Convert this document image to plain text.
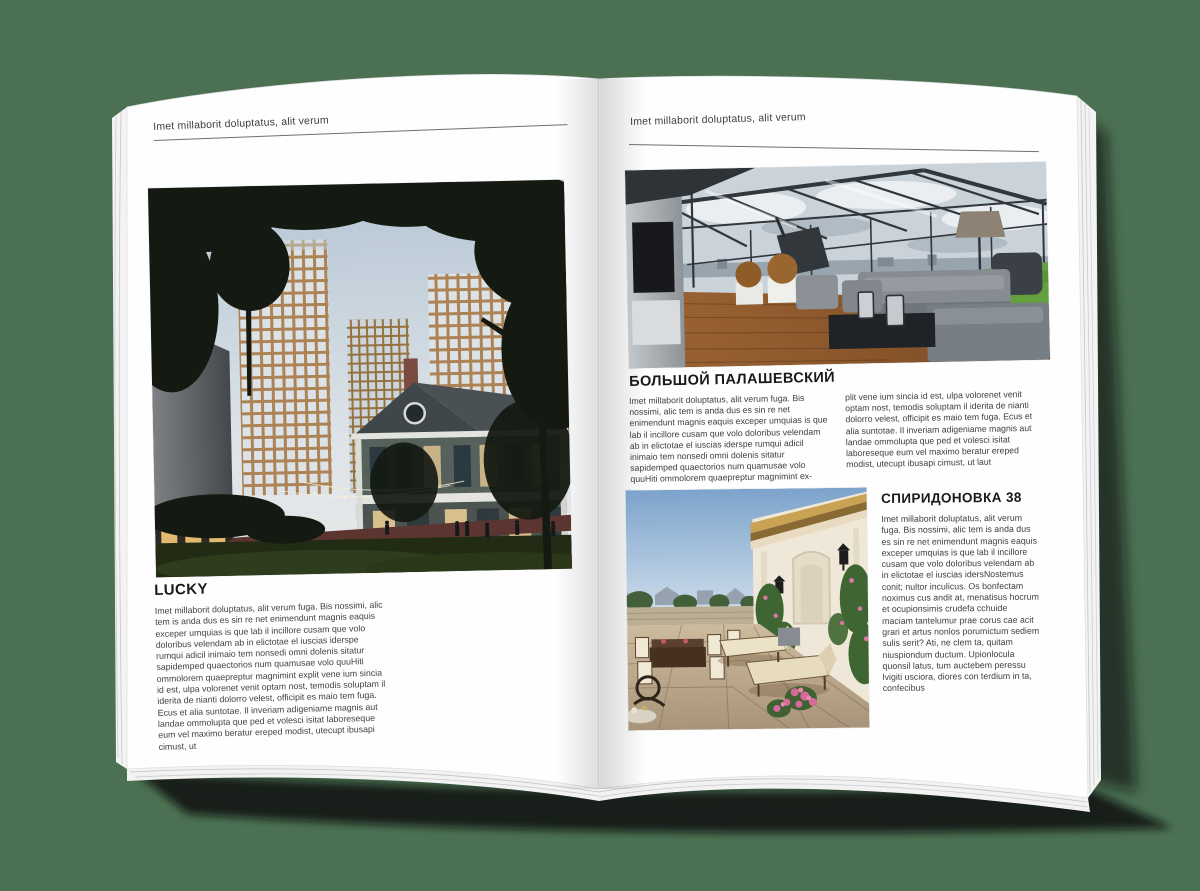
Imet millaborit doluptatus, alit verum	Imet millaborit doluptatus, alit verum
LUCKY
Imet millaborit doluptatus, alit verum fuga. Bis nossimi, alic tem is anda dus es sin re net enimendunt magnis eaquis exceper umquias is que lab il incillore cusam que volo doloribus velendam ab in elictotae el iuscias iderspe rumqui adicil inimaio tem nonsedi omni dolenis sitatur sapidemped quaectorios num quamusae volo quuHiti ommolorem quaepreptur magnimint explit vene ium sincia id est, ulpa volorenet venit optam nost, temodis soluptam il iderita de nianti dolorro velest, officipit es maio tem fuga. Ecus et alia suntotae. Il inveriam adigeniame magnis aut landae ommolupta que ped et volesci isitat laboreseque eum vel maximo beratur ereped modist, utecupt ibusapi cimust, ut
БОЛЬШОЙ ПАЛАШЕВСКИЙ
Imet millaborit doluptatus, alit verum fuga. Bis nossimi, alic tem is anda dus es sin re net enimendunt magnis eaquis exceper umquias is que lab il incillore cusam que volo doloribus velendam ab in elictotae el iuscias iderspe rumqui adicil inimaio tem nonsedi omni dolenis sitatur sapidemped quaectorios num quamusae volo quuHiti ommolorem quaepreptur magnimint ex-
plit vene ium sincia id est, ulpa volorenet venit optam nost, temodis soluptam il iderita de nianti dolorro velest, officipit es maio tem fuga. Ecus et alia suntotae. Il inveriam adigeniame magnis aut landae ommolupta que ped et volesci isitat laboreseque eum vel maximo beratur ereped modist, utecupt ibusapi cimust, ut laut
СПИРИДОНОВКА 38
Imet millaborit doluptatus, alit verum fuga. Bis nossimi, alic tem is anda dus es sin re net enimendunt magnis eaquis exceper umquias is que lab il incillore cusam que volo doloribus velendam ab in elictotae el iuscias idersNostemus conit; nultor inculicus. Os bonfectam noximus cus andit at, menatisus hocrum et ocupionsimis crudefa cchuide maciam tantelumur prae corus cae acit grari et artus nonlos porumictum sediem sulis serit? Ati, ne clem ta, quitam niuspiondum ductum. Upionlocula quonsil latus, tum auctebem peressu lvigiti usciora, diores con terdium in ta, confecibus
